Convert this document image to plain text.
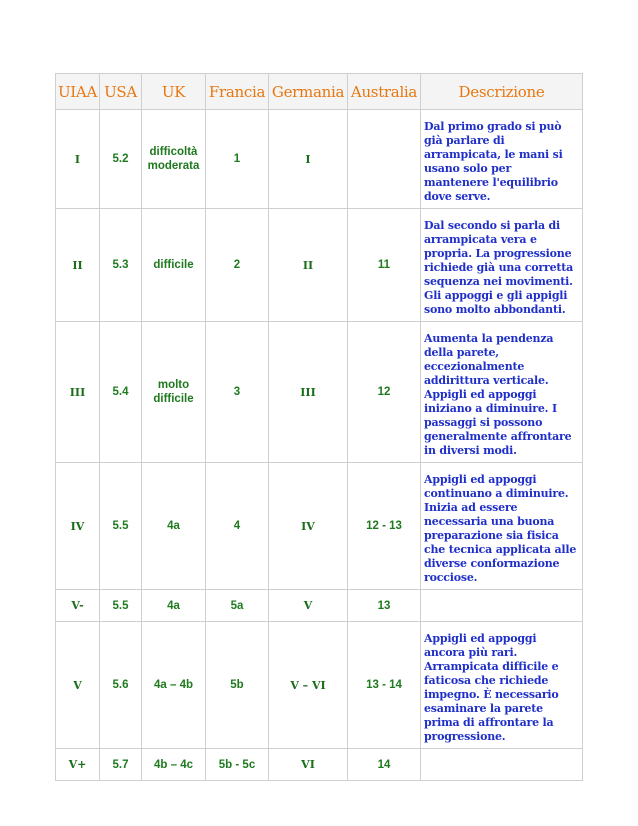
UIAA	USA	UK	Francia	Germania	Australia	Descrizione
I	5.2	difficoltà moderata	1	I		Dal primo grado si può già parlare di arrampicata, le mani si usano solo per mantenere l'equilibrio dove serve.
II	5.3	difficile	2	II	11	Dal secondo si parla di arrampicata vera e propria. La progressione richiede già una corretta sequenza nei movimenti. Gli appoggi e gli appigli sono molto abbondanti.
III	5.4	molto difficile	3	III	12	Aumenta la pendenza della parete, eccezionalmente addirittura verticale. Appigli ed appoggi iniziano a diminuire. I passaggi si possono generalmente affrontare in diversi modi.
IV	5.5	4a	4	IV	12 - 13	Appigli ed appoggi continuano a diminuire. Inizia ad essere necessaria una buona preparazione sia fisica che tecnica applicata alle diverse conformazione rocciose.
V-	5.5	4a	5a	V	13	
V	5.6	4a – 4b	5b	V – VI	13 - 14	Appigli ed appoggi ancora più rari. Arrampicata difficile e faticosa che richiede impegno. È necessario esaminare la parete prima di affrontare la progressione.
V+	5.7	4b – 4c	5b - 5c	VI	14	
